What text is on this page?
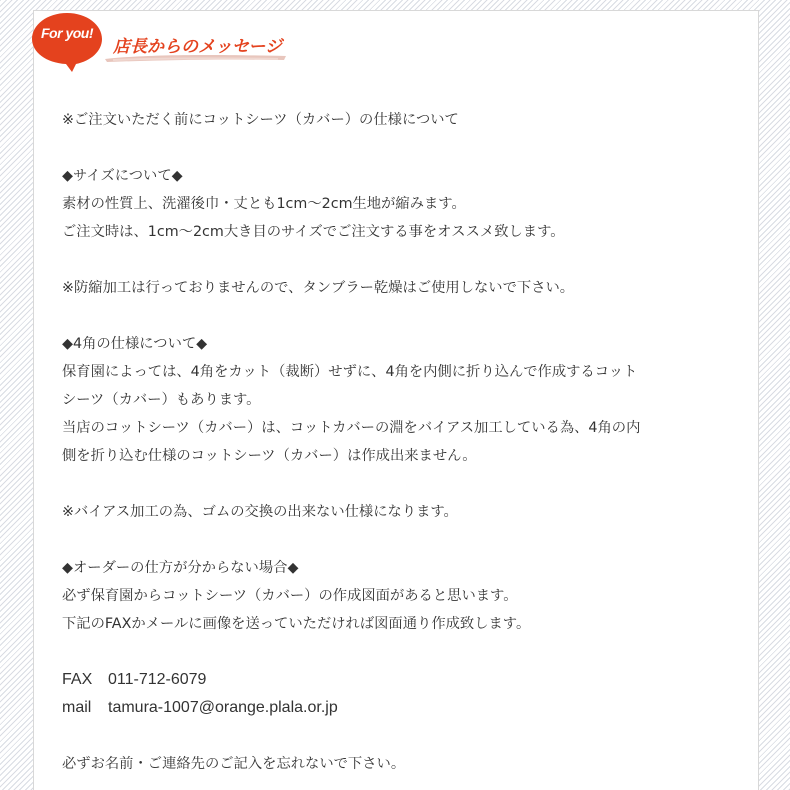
For you!
店長からのメッセージ
※ご注文いただく前にコットシーツ（カバー）の仕様について
◆サイズについて◆
素材の性質上、洗濯後巾・丈とも1cm〜2cm生地が縮みます。
ご注文時は、1cm〜2cm大き目のサイズでご注文する事をオススメ致します。
※防縮加工は行っておりませんので、タンブラー乾燥はご使用しないで下さい。
◆4角の仕様について◆
保育園によっては、4角をカット（裁断）せずに、4角を内側に折り込んで作成するコット
シーツ（カバー）もあります。
当店のコットシーツ（カバー）は、コットカバーの淵をバイアス加工している為、4角の内
側を折り込む仕様のコットシーツ（カバー）は作成出来ません。
※バイアス加工の為、ゴムの交換の出来ない仕様になります。
◆オーダーの仕方が分からない場合◆
必ず保育園からコットシーツ（カバー）の作成図面があると思います。
下記のFAXかメールに画像を送っていただければ図面通り作成致します。
FAX 011-712-6079
mail tamura-1007@orange.plala.or.jp
必ずお名前・ご連絡先のご記入を忘れないで下さい。
